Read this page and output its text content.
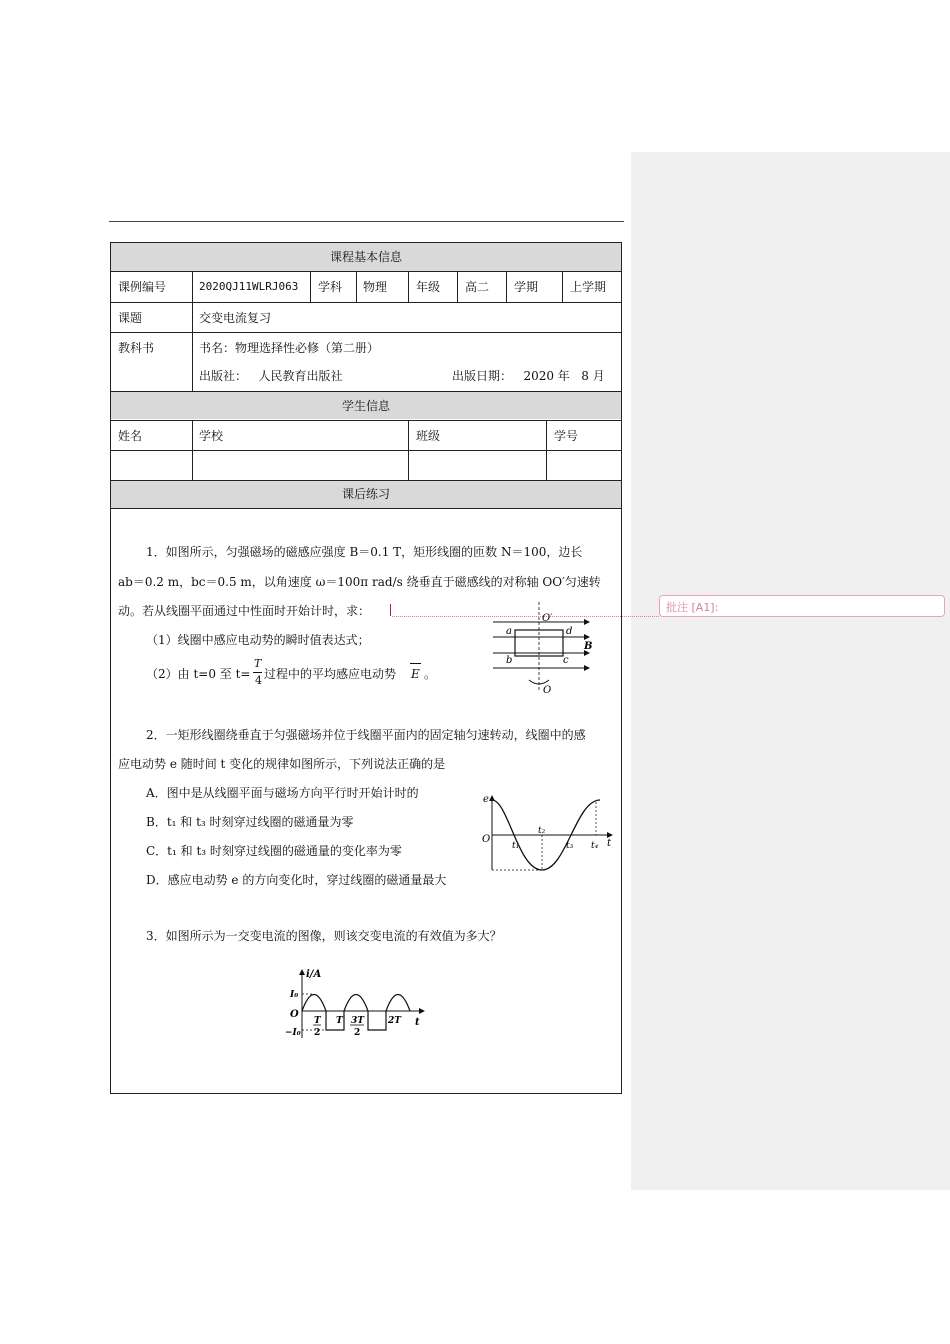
批注 [A1]:
课程基本信息
课例编号	2020QJ11WLRJ063 学科 物理 年级 高二 学期	上学期
课题	交变电流复习
教科书	书名：物理选择性必修（第二册）
出版社：   人民教育出版社	出版日期：   2020 年   8 月
学生信息
姓名	学校	班级	学号
课后练习
1．如图所示，匀强磁场的磁感应强度 B＝0.1 T，矩形线圈的匝数 N＝100，边长
ab＝0.2 m，bc＝0.5 m，以角速度 ω＝100π rad/s 绕垂直于磁感线的对称轴 OO′匀速转
动。若从线圈平面通过中性面时开始计时，求：
（1）线圈中感应电动势的瞬时值表达式；
（2）由 t=0 至 t=
T
4 过程中的平均感应电动势 E 。
O′
a	d
b	c
B
O
2．一矩形线圈绕垂直于匀强磁场并位于线圈平面内的固定轴匀速转动，线圈中的感
应电动势 e 随时间 t 变化的规律如图所示，下列说法正确的是
A．图中是从线圈平面与磁场方向平行时开始计时的
B．t₁ 和 t₃ 时刻穿过线圈的磁通量为零
C．t₁ 和 t₃ 时刻穿过线圈的磁通量的变化率为零
D．感应电动势 e 的方向变化时，穿过线圈的磁通量最大
e
O	t
t₁
t₂
t₃ t₄
3．如图所示为一交变电流的图像，则该交变电流的有效值为多大？
i/A
I₀
O
−I₀
T
2
T 3T
2
2T t
